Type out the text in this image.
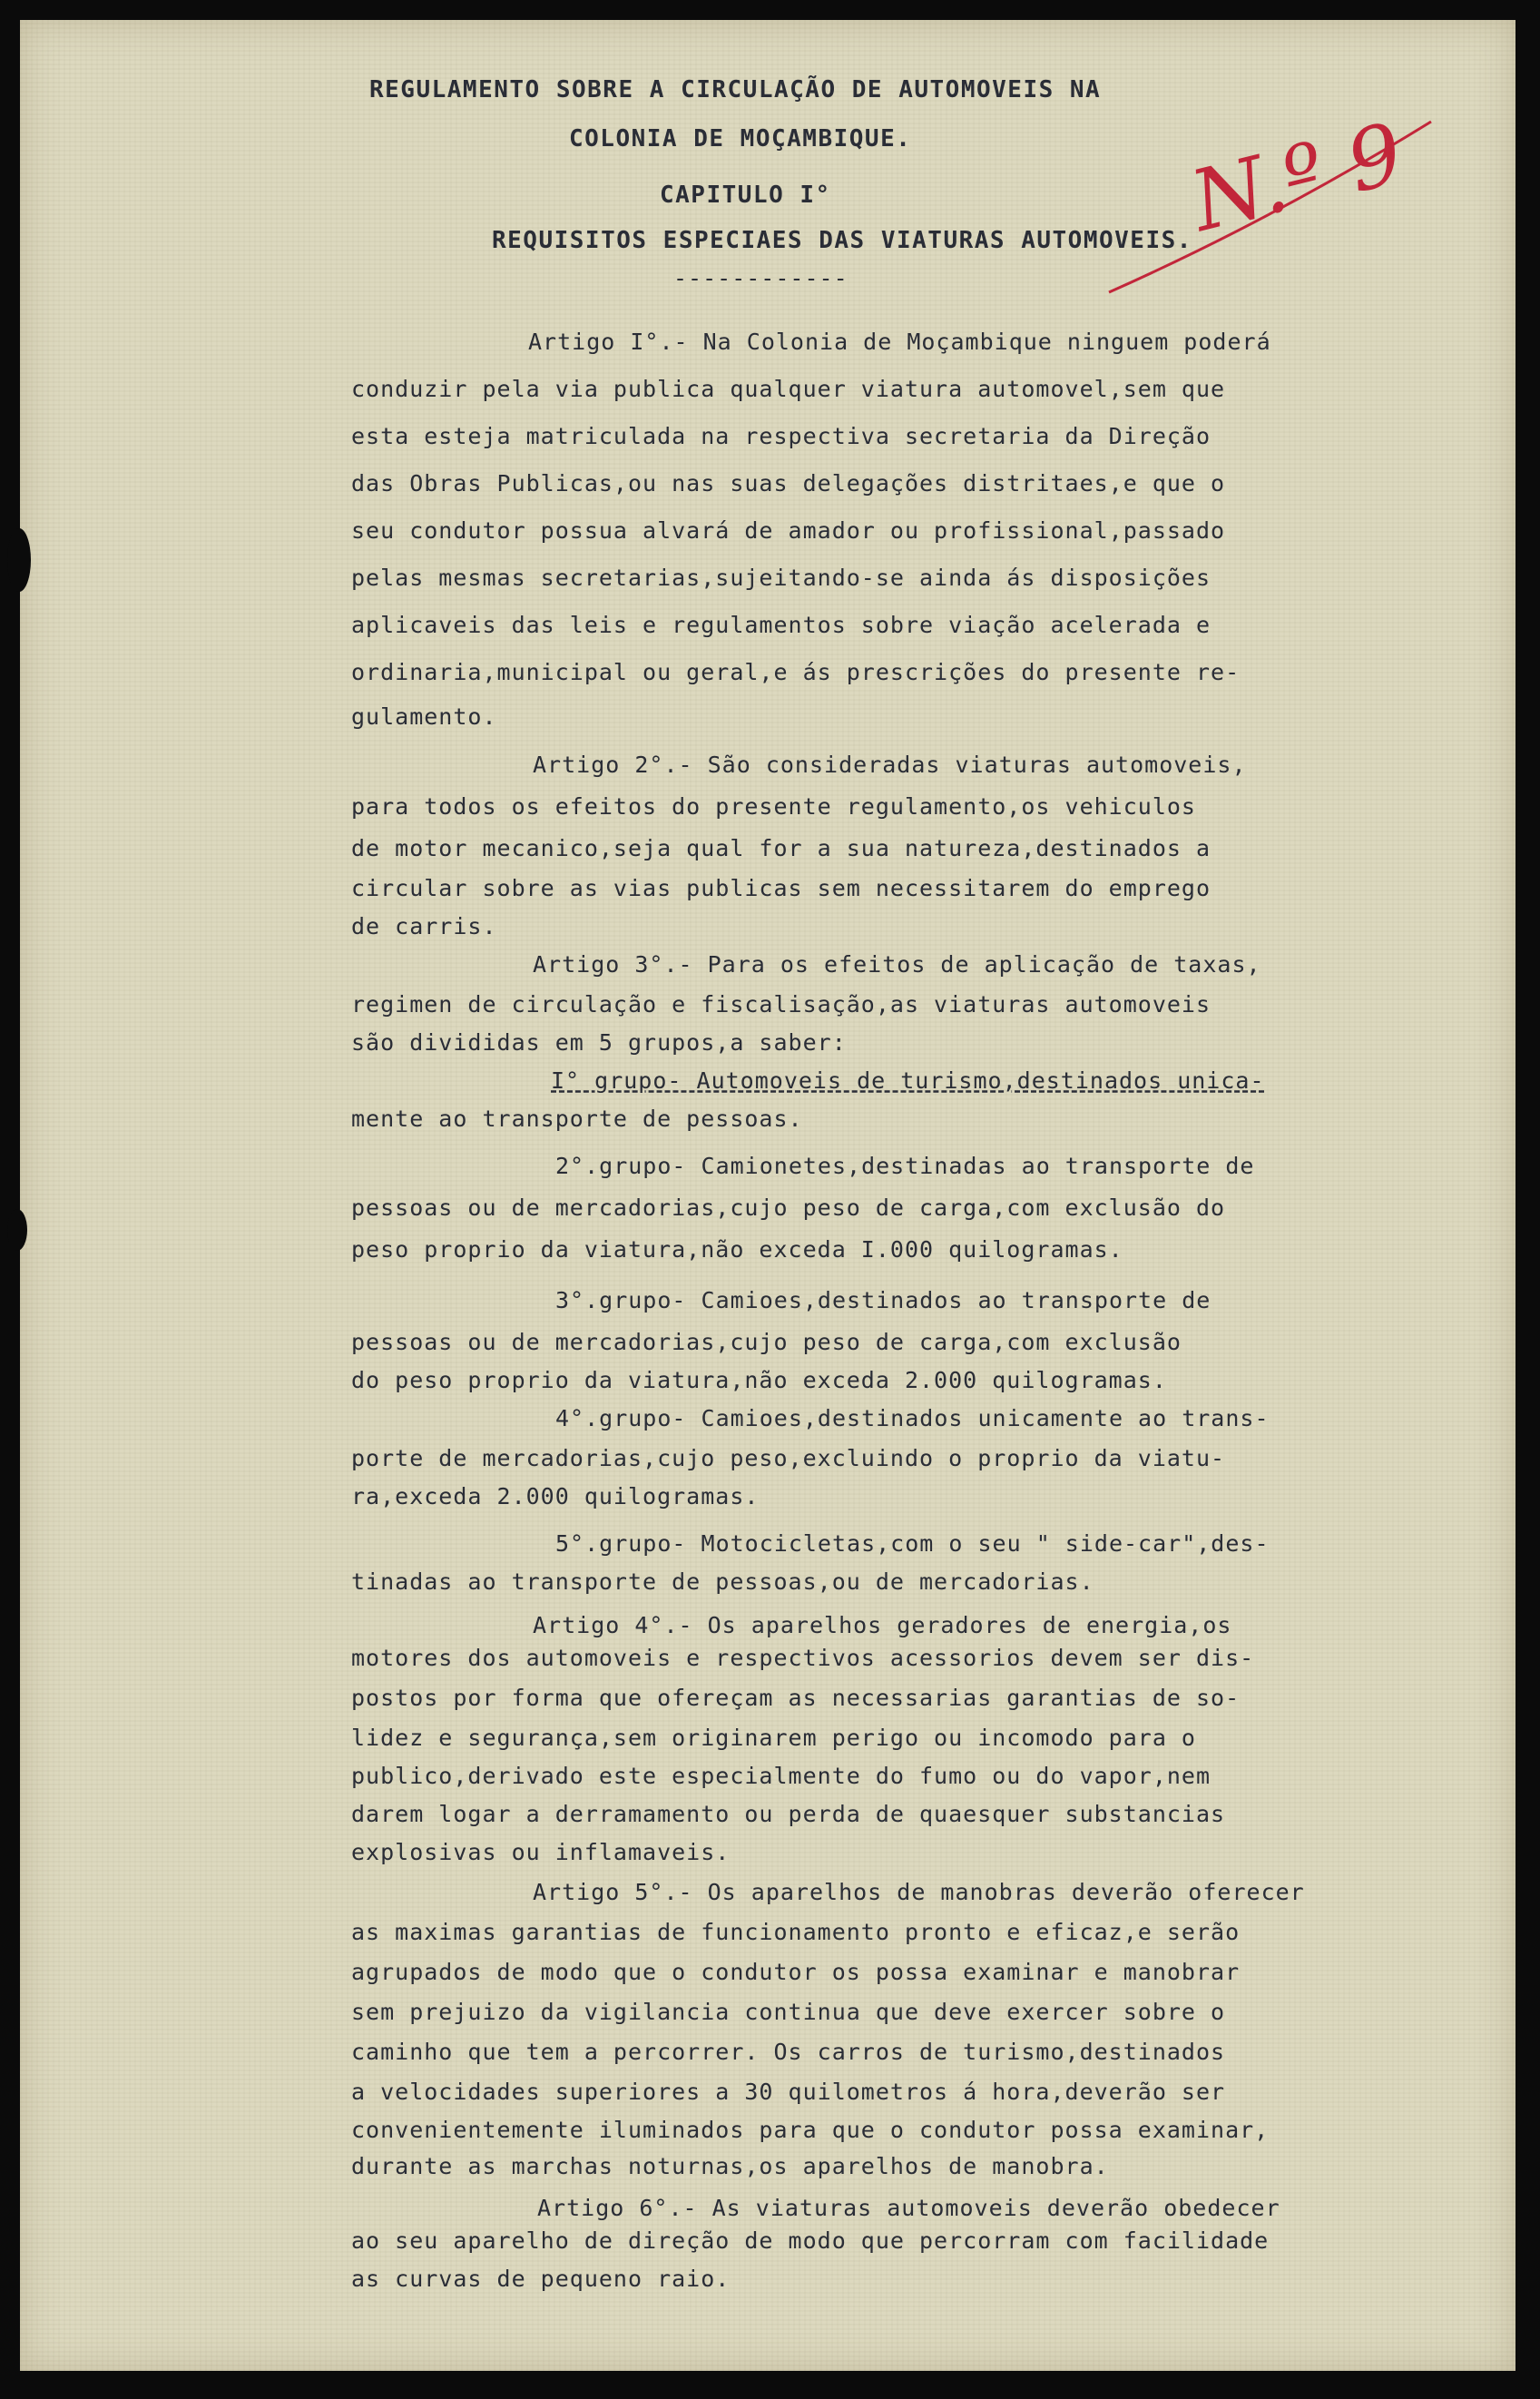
N.º 9
REGULAMENTO SOBRE A CIRCULAÇÃO DE AUTOMOVEIS NA
COLONIA DE MOÇAMBIQUE.
CAPITULO I°
REQUISITOS ESPECIAES DAS VIATURAS AUTOMOVEIS.
------------
Artigo I°.- Na Colonia de Moçambique ninguem poderá
conduzir pela via publica qualquer viatura automovel,sem que
esta esteja matriculada na respectiva secretaria da Direção
das Obras Publicas,ou nas suas delegações distritaes,e que o
seu condutor possua alvará de amador ou profissional,passado
pelas mesmas secretarias,sujeitando-se ainda ás disposições
aplicaveis das leis e regulamentos sobre viação acelerada e
ordinaria,municipal ou geral,e ás prescrições do presente re-
gulamento.
Artigo 2°.- São consideradas viaturas automoveis,
para todos os efeitos do presente regulamento,os vehiculos
de motor mecanico,seja qual for a sua natureza,destinados a
circular sobre as vias publicas sem necessitarem do emprego
de carris.
Artigo 3°.- Para os efeitos de aplicação de taxas,
regimen de circulação e fiscalisação,as viaturas automoveis
são divididas em 5 grupos,a saber:
I° grupo- Automoveis de turismo,destinados unica-
mente ao transporte de pessoas.
2°.grupo- Camionetes,destinadas ao transporte de
pessoas ou de mercadorias,cujo peso de carga,com exclusão do
peso proprio da viatura,não exceda I.000 quilogramas.
3°.grupo- Camioes,destinados ao transporte de
pessoas ou de mercadorias,cujo peso de carga,com exclusão
do peso proprio da viatura,não exceda 2.000 quilogramas.
4°.grupo- Camioes,destinados unicamente ao trans-
porte de mercadorias,cujo peso,excluindo o proprio da viatu-
ra,exceda 2.000 quilogramas.
5°.grupo- Motocicletas,com o seu " side-car",des-
tinadas ao transporte de pessoas,ou de mercadorias.
Artigo 4°.- Os aparelhos geradores de energia,os
motores dos automoveis e respectivos acessorios devem ser dis-
postos por forma que ofereçam as necessarias garantias de so-
lidez e segurança,sem originarem perigo ou incomodo para o
publico,derivado este especialmente do fumo ou do vapor,nem
darem logar a derramamento ou perda de quaesquer substancias
explosivas ou inflamaveis.
Artigo 5°.- Os aparelhos de manobras deverão oferecer
as maximas garantias de funcionamento pronto e eficaz,e serão
agrupados de modo que o condutor os possa examinar e manobrar
sem prejuizo da vigilancia continua que deve exercer sobre o
caminho que tem a percorrer. Os carros de turismo,destinados
a velocidades superiores a 30 quilometros á hora,deverão ser
convenientemente iluminados para que o condutor possa examinar,
durante as marchas noturnas,os aparelhos de manobra.
Artigo 6°.- As viaturas automoveis deverão obedecer
ao seu aparelho de direção de modo que percorram com facilidade
as curvas de pequeno raio.
